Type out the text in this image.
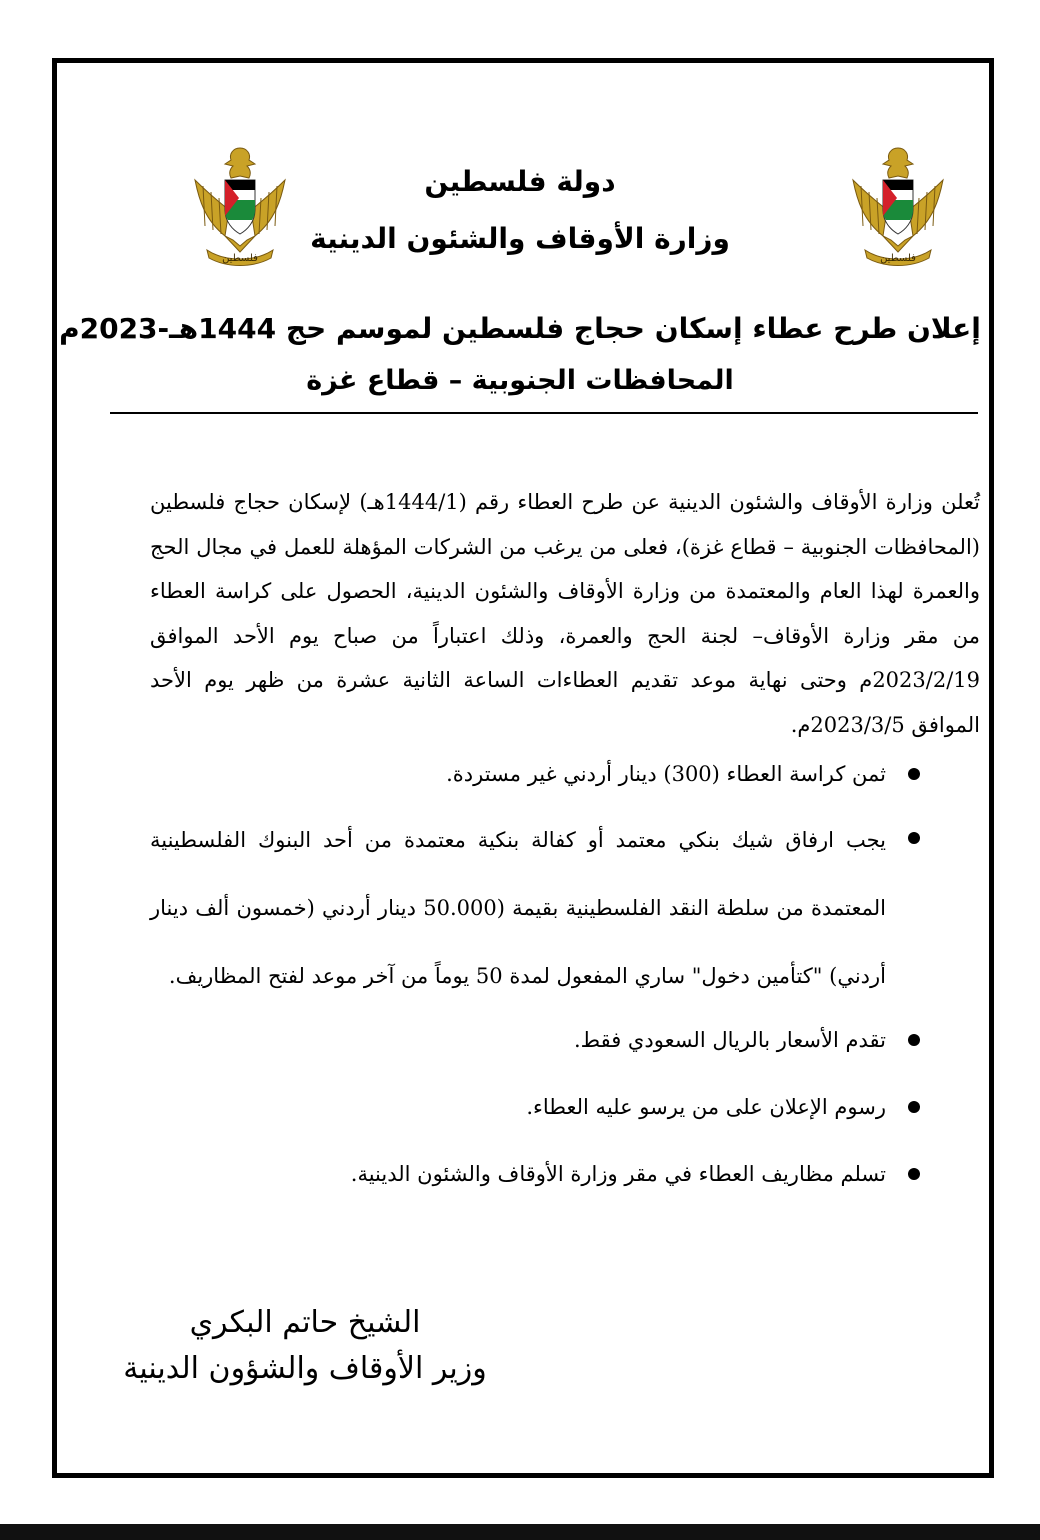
فلسطين	فلسطين
دولة فلسطين
وزارة الأوقاف والشئون الدينية
إعلان طرح عطاء إسكان حجاج فلسطين لموسم حج 1444هـ-2023م
المحافظات الجنوبية – قطاع غزة
تُعلن وزارة الأوقاف والشئون الدينية عن طرح العطاء رقم (1444/1هـ) لإسكان حجاج فلسطين (المحافظات الجنوبية – قطاع غزة)، فعلى من يرغب من الشركات المؤهلة للعمل في مجال الحج والعمرة لهذا العام والمعتمدة من وزارة الأوقاف والشئون الدينية، الحصول على كراسة العطاء من مقر وزارة الأوقاف– لجنة الحج والعمرة، وذلك اعتباراً من صباح يوم الأحد الموافق 2023/2/19م وحتى نهاية موعد تقديم العطاءات الساعة الثانية عشرة من ظهر يوم الأحد الموافق 2023/3/5م.
ثمن كراسة العطاء (300) دينار أردني غير مستردة.
يجب ارفاق شيك بنكي معتمد أو كفالة بنكية معتمدة من أحد البنوك الفلسطينية المعتمدة من سلطة النقد الفلسطينية بقيمة (50.000 دينار أردني (خمسون ألف دينار أردني) "كتأمين دخول" ساري المفعول لمدة 50 يوماً من آخر موعد لفتح المظاريف.
تقدم الأسعار بالريال السعودي فقط.
رسوم الإعلان على من يرسو عليه العطاء.
تسلم مظاريف العطاء في مقر وزارة الأوقاف والشئون الدينية.
الشيخ حاتم البكري
وزير الأوقاف والشؤون الدينية
